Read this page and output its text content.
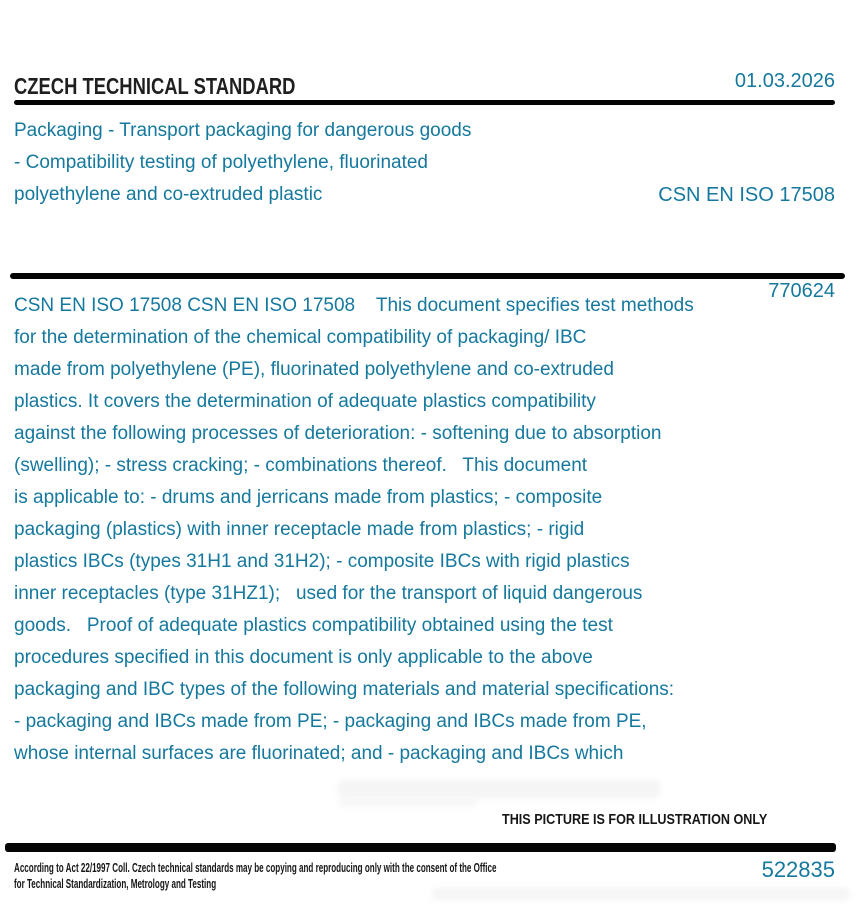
CZECH TECHNICAL STANDARD	01.03.2026
Packaging - Transport packaging for dangerous goods
- Compatibility testing of polyethylene, fluorinated
polyethylene and co-extruded plastic

	CSN EN ISO 17508

770624

CSN EN ISO 17508 CSN EN ISO 17508    This document specifies test methods
for the determination of the chemical compatibility of packaging/ IBC
made from polyethylene (PE), fluorinated polyethylene and co-extruded
plastics. It covers the determination of adequate plastics compatibility
against the following processes of deterioration: - softening due to absorption
(swelling); - stress cracking; - combinations thereof.   This document
is applicable to: - drums and jerricans made from plastics; - composite
packaging (plastics) with inner receptacle made from plastics; - rigid
plastics IBCs (types 31H1 and 31H2); - composite IBCs with rigid plastics
inner receptacles (type 31HZ1);   used for the transport of liquid dangerous
goods.   Proof of adequate plastics compatibility obtained using the test
procedures specified in this document is only applicable to the above
packaging and IBC types of the following materials and material specifications:
- packaging and IBCs made from PE; - packaging and IBCs made from PE,
whose internal surfaces are fluorinated; and - packaging and IBCs which
THIS PICTURE IS FOR ILLUSTRATION ONLY
According to Act 22/1997 Coll. Czech technical standards may be copying and reproducing only with the consent of the Office
for Technical Standardization, Metrology and Testing
522835
